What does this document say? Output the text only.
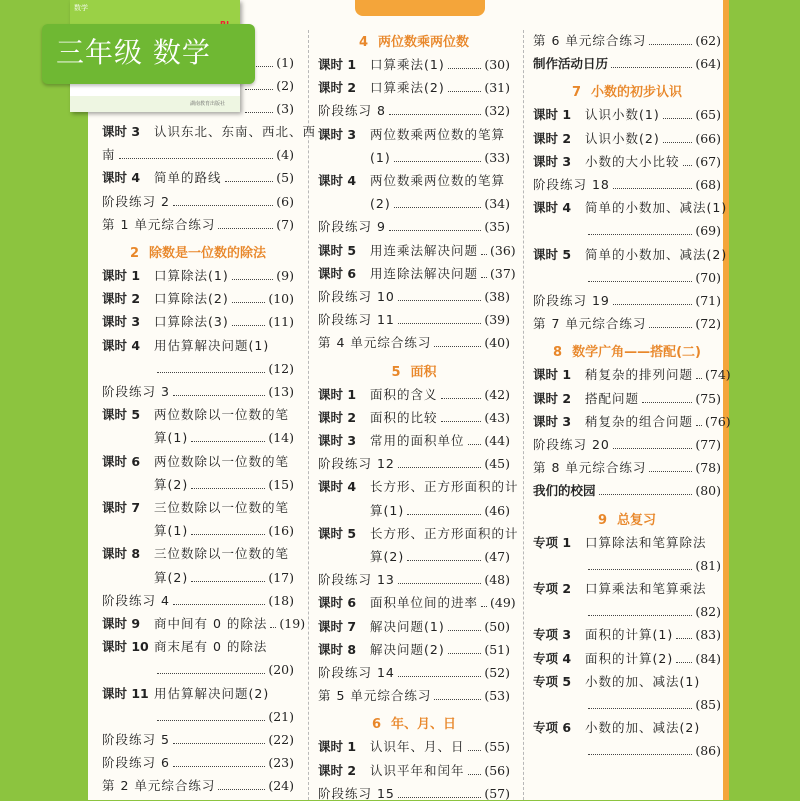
(1)
(2)
(3)
课时 3	认识东北、东南、西北、西
南	(4)
课时 4	简单的路线	(5)
阶段练习 2	(6)
第 1 单元综合练习	(7)
2 除数是一位数的除法
课时 1	口算除法(1)	(9)
课时 2	口算除法(2)	(10)
课时 3	口算除法(3)	(11)
课时 4	用估算解决问题(1)
(12)
阶段练习 3	(13)
课时 5	两位数除以一位数的笔
算(1)	(14)
课时 6	两位数除以一位数的笔
算(2)	(15)
课时 7	三位数除以一位数的笔
算(1)	(16)
课时 8	三位数除以一位数的笔
算(2)	(17)
阶段练习 4	(18)
课时 9	商中间有 0 的除法 (19)
课时 10 商末尾有 0 的除法
(20)
课时 11 用估算解决问题(2)
(21)
阶段练习 5	(22)
阶段练习 6	(23)
第 2 单元综合练习	(24)
4 两位数乘两位数
课时 1	口算乘法(1)	(30)
课时 2	口算乘法(2)	(31)
阶段练习 8	(32)
课时 3	两位数乘两位数的笔算
(1)	(33)
课时 4	两位数乘两位数的笔算
(2)	(34)
阶段练习 9	(35)
课时 5	用连乘法解决问题 (36)
课时 6	用连除法解决问题 (37)
阶段练习 10	(38)
阶段练习 11	(39)
第 4 单元综合练习	(40)
5 面积
课时 1	面积的含义	(42)
课时 2	面积的比较	(43)
课时 3	常用的面积单位 (44)
阶段练习 12	(45)
课时 4	长方形、正方形面积的计
算(1)	(46)
课时 5	长方形、正方形面积的计
算(2)	(47)
阶段练习 13	(48)
课时 6	面积单位间的进率 (49)
课时 7	解决问题(1)	(50)
课时 8	解决问题(2)	(51)
阶段练习 14	(52)
第 5 单元综合练习	(53)
6 年、月、日
课时 1	认识年、月、日 (55)
课时 2	认识平年和闰年 (56)
阶段练习 15	(57)
第 6 单元综合练习	(62)
制作活动日历	(64)
7 小数的初步认识
课时 1	认识小数(1)	(65)
课时 2	认识小数(2)	(66)
课时 3	小数的大小比较 (67)
阶段练习 18	(68)
课时 4	简单的小数加、减法(1)
(69)
课时 5	简单的小数加、减法(2)
(70)
阶段练习 19	(71)
第 7 单元综合练习	(72)
8 数学广角——搭配(二)
课时 1	稍复杂的排列问题 (74)
课时 2	搭配问题	(75)
课时 3	稍复杂的组合问题 (76)
阶段练习 20	(77)
第 8 单元综合练习	(78)
我们的校园	(80)
9 总复习
专项 1	口算除法和笔算除法
(81)
专项 2	口算乘法和笔算乘法
(82)
专项 3	面积的计算(1) (83)
专项 4	面积的计算(2) (84)
专项 5	小数的加、减法(1)
(85)
专项 6	小数的加、减法(2)
(86)
数学
湖南教育出版社
三年级 数学
